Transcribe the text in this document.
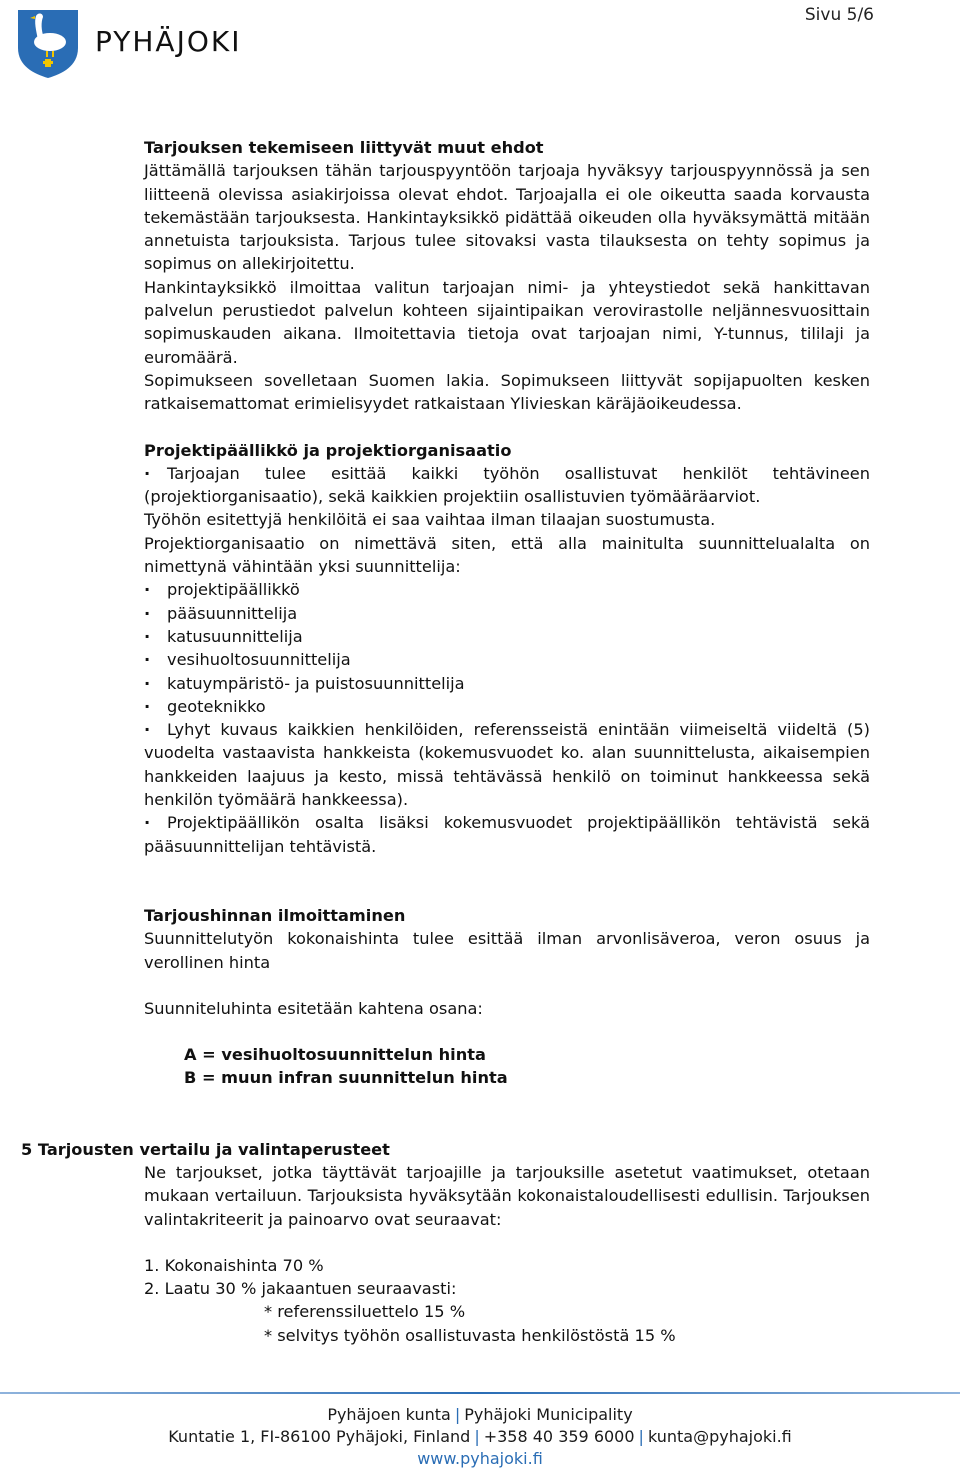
PYHÄJOKI
Sivu 5/6

Tarjouksen tekemiseen liittyvät muut ehdot

Jättämällä tarjouksen tähän tarjouspyyntöön tarjoaja hyväksyy tarjouspyynnössä ja sen liitteenä olevissa asiakirjoissa olevat ehdot. Tarjoajalla ei ole oikeutta saada korvausta tekemästään tarjouksesta. Hankintayksikkö pidättää oikeuden olla hyväksymättä mitään annetuista tarjouksista. Tarjous tulee sitovaksi vasta tilauksesta on tehty sopimus ja sopimus on allekirjoitettu.

Hankintayksikkö ilmoittaa valitun tarjoajan nimi- ja yhteystiedot sekä hankittavan palvelun perustiedot palvelun kohteen sijaintipaikan verovirastolle neljännesvuosittain sopimuskauden aikana. Ilmoitettavia tietoja ovat tarjoajan nimi, Y-tunnus, tililaji ja euromäärä.

Sopimukseen sovelletaan Suomen lakia. Sopimukseen liittyvät sopijapuolten kesken ratkaisemattomat erimielisyydet ratkaistaan Ylivieskan käräjäoikeudessa.

Projektipäällikkö ja projektiorganisaatio

· Tarjoajan tulee esittää kaikki työhön osallistuvat henkilöt tehtävineen (projektiorganisaatio), sekä kaikkien projektiin osallistuvien työmääräarviot.

Työhön esitettyjä henkilöitä ei saa vaihtaa ilman tilaajan suostumusta.

Projektiorganisaatio on nimettävä siten, että alla mainitulta suunnittelualalta on nimettynä vähintään yksi suunnittelija:

· projektipäällikkö

· pääsuunnittelija

· katusuunnittelija

· vesihuoltosuunnittelija

· katuympäristö- ja puistosuunnittelija

· geoteknikko

· Lyhyt kuvaus kaikkien henkilöiden, referensseistä enintään viimeiseltä viideltä (5) vuodelta vastaavista hankkeista (kokemusvuodet ko. alan suunnittelusta, aikaisempien hankkeiden laajuus ja kesto, missä tehtävässä henkilö on toiminut hankkeessa sekä henkilön työmäärä hankkeessa).

· Projektipäällikön osalta lisäksi kokemusvuodet projektipäällikön tehtävistä sekä pääsuunnittelijan tehtävistä.

Tarjoushinnan ilmoittaminen

Suunnittelutyön kokonaishinta tulee esittää ilman arvonlisäveroa, veron osuus ja verollinen hinta

Suunniteluhinta esitetään kahtena osana:

A = vesihuoltosuunnittelun hinta

B = muun infran suunnittelun hinta

5 Tarjousten vertailu ja valintaperusteet

Ne tarjoukset, jotka täyttävät tarjoajille ja tarjouksille asetetut vaatimukset, otetaan mukaan vertailuun. Tarjouksista hyväksytään kokonaistaloudellisesti edullisin. Tarjouksen valintakriteerit ja painoarvo ovat seuraavat:

1. Kokonaishinta 70 %

2. Laatu 30 % jakaantuen seuraavasti:

* referenssiluettelo 15 %

* selvitys työhön osallistuvasta henkilöstöstä 15 %

Pyhäjoen kunta | Pyhäjoki Municipality
Kuntatie 1, FI-86100 Pyhäjoki, Finland | +358 40 359 6000 | kunta@pyhajoki.fi
www.pyhajoki.fi
